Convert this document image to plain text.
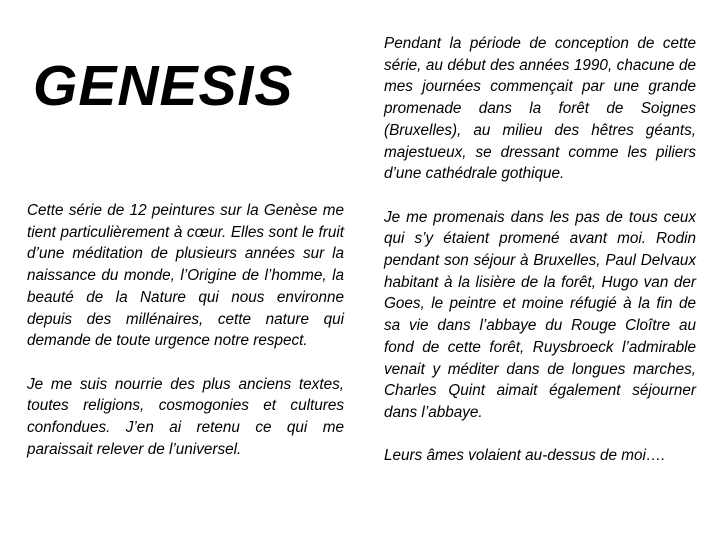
GENESIS

Cette série de 12 peintures sur la Genèse me tient particulièrement à cœur. Elles sont le fruit d’une méditation de plusieurs années sur la naissance du monde, l’Origine de l’homme, la beauté de la Nature qui nous environne depuis des millénaires, cette nature qui demande de toute urgence notre respect.

Je me suis nourrie des plus anciens textes, toutes religions, cosmogonies et cultures confondues. J’en ai retenu ce qui me paraissait relever de l’universel.

Pendant la période de conception de cette série, au début des années 1990, chacune de mes journées commençait par une grande promenade dans la forêt de Soignes (Bruxelles), au milieu des hêtres géants, majestueux, se dressant comme les piliers d’une cathédrale gothique.

Je me promenais dans les pas de tous ceux qui s’y étaient promené avant moi. Rodin pendant son séjour à Bruxelles, Paul Delvaux habitant à la lisière de la forêt, Hugo van der Goes, le peintre et moine réfugié à la fin de sa vie dans l’abbaye du Rouge Cloître au fond de cette forêt, Ruysbroeck l’admirable venait y méditer dans de longues marches, Charles Quint aimait également séjourner dans l’abbaye.

Leurs âmes volaient au-dessus de moi….
